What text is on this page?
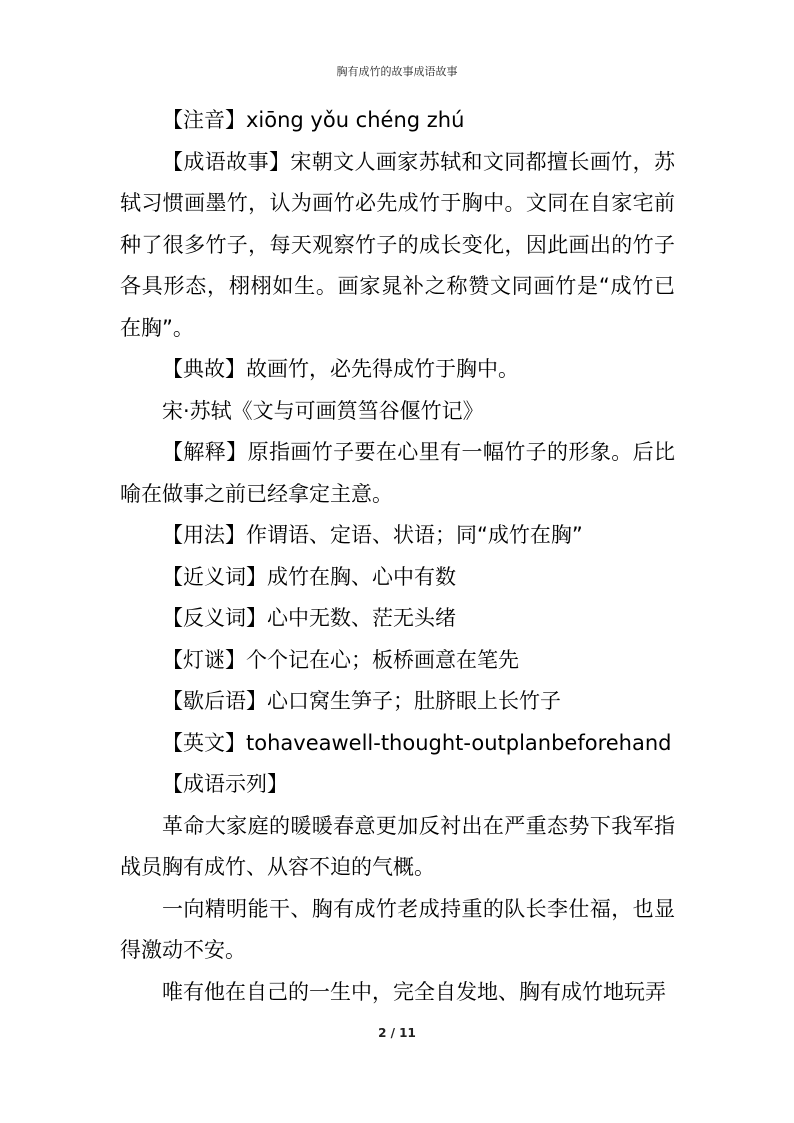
胸有成竹的故事成语故事

【注音】xiōng yǒu chéng zhú

【成语故事】宋朝文人画家苏轼和文同都擅长画竹，苏轼习惯画墨竹，认为画竹必先成竹于胸中。文同在自家宅前种了很多竹子，每天观察竹子的成长变化，因此画出的竹子各具形态，栩栩如生。画家晁补之称赞文同画竹是“成竹已在胸”。

【典故】故画竹，必先得成竹于胸中。

宋·苏轼《文与可画筼筜谷偃竹记》

【解释】原指画竹子要在心里有一幅竹子的形象。后比喻在做事之前已经拿定主意。

【用法】作谓语、定语、状语；同“成竹在胸”

【近义词】成竹在胸、心中有数

【反义词】心中无数、茫无头绪

【灯谜】个个记在心；板桥画意在笔先

【歇后语】心口窝生笋子；肚脐眼上长竹子

【英文】tohaveawell-thought-outplanbeforehand

【成语示列】

革命大家庭的暖暖春意更加反衬出在严重态势下我军指战员胸有成竹、从容不迫的气概。

一向精明能干、胸有成竹老成持重的队长李仕福，也显得激动不安。

唯有他在自己的一生中，完全自发地、胸有成竹地玩弄

2 / 11
